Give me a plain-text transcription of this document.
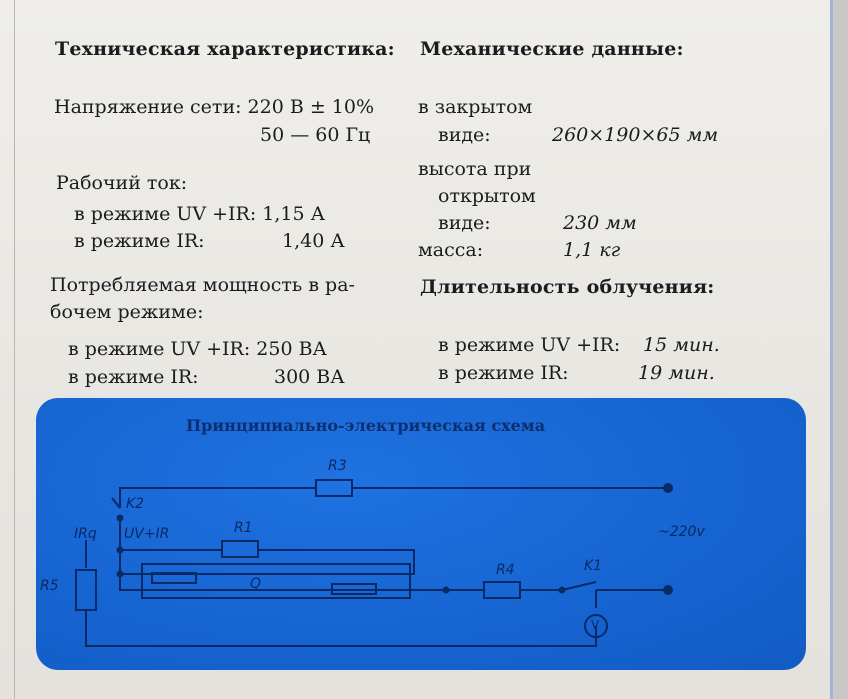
Техническая характеристика:
Напряжение сети: 220 В ± 10%
50 — 60 Гц
Рабочий ток:
в режиме UV +IR: 1,15 А
в режиме IR:	1,40 А
Потребляемая мощность в ра-
бочем режиме:
в режиме UV +IR: 250 ВА
в режиме IR:	300 ВА
Механические данные:
в закрытом
виде:	260×190×65 мм
высота при
открытом
виде:	230 мм
масса:	1,1 кг
Длительность облучения:
в режиме UV +IR: 15 мин.
в режиме IR:	19 мин.
Принципиально-электрическая схема
R3
K2
IRq UV+IR	R1
Q
R4	K1
R5
V
~220v
